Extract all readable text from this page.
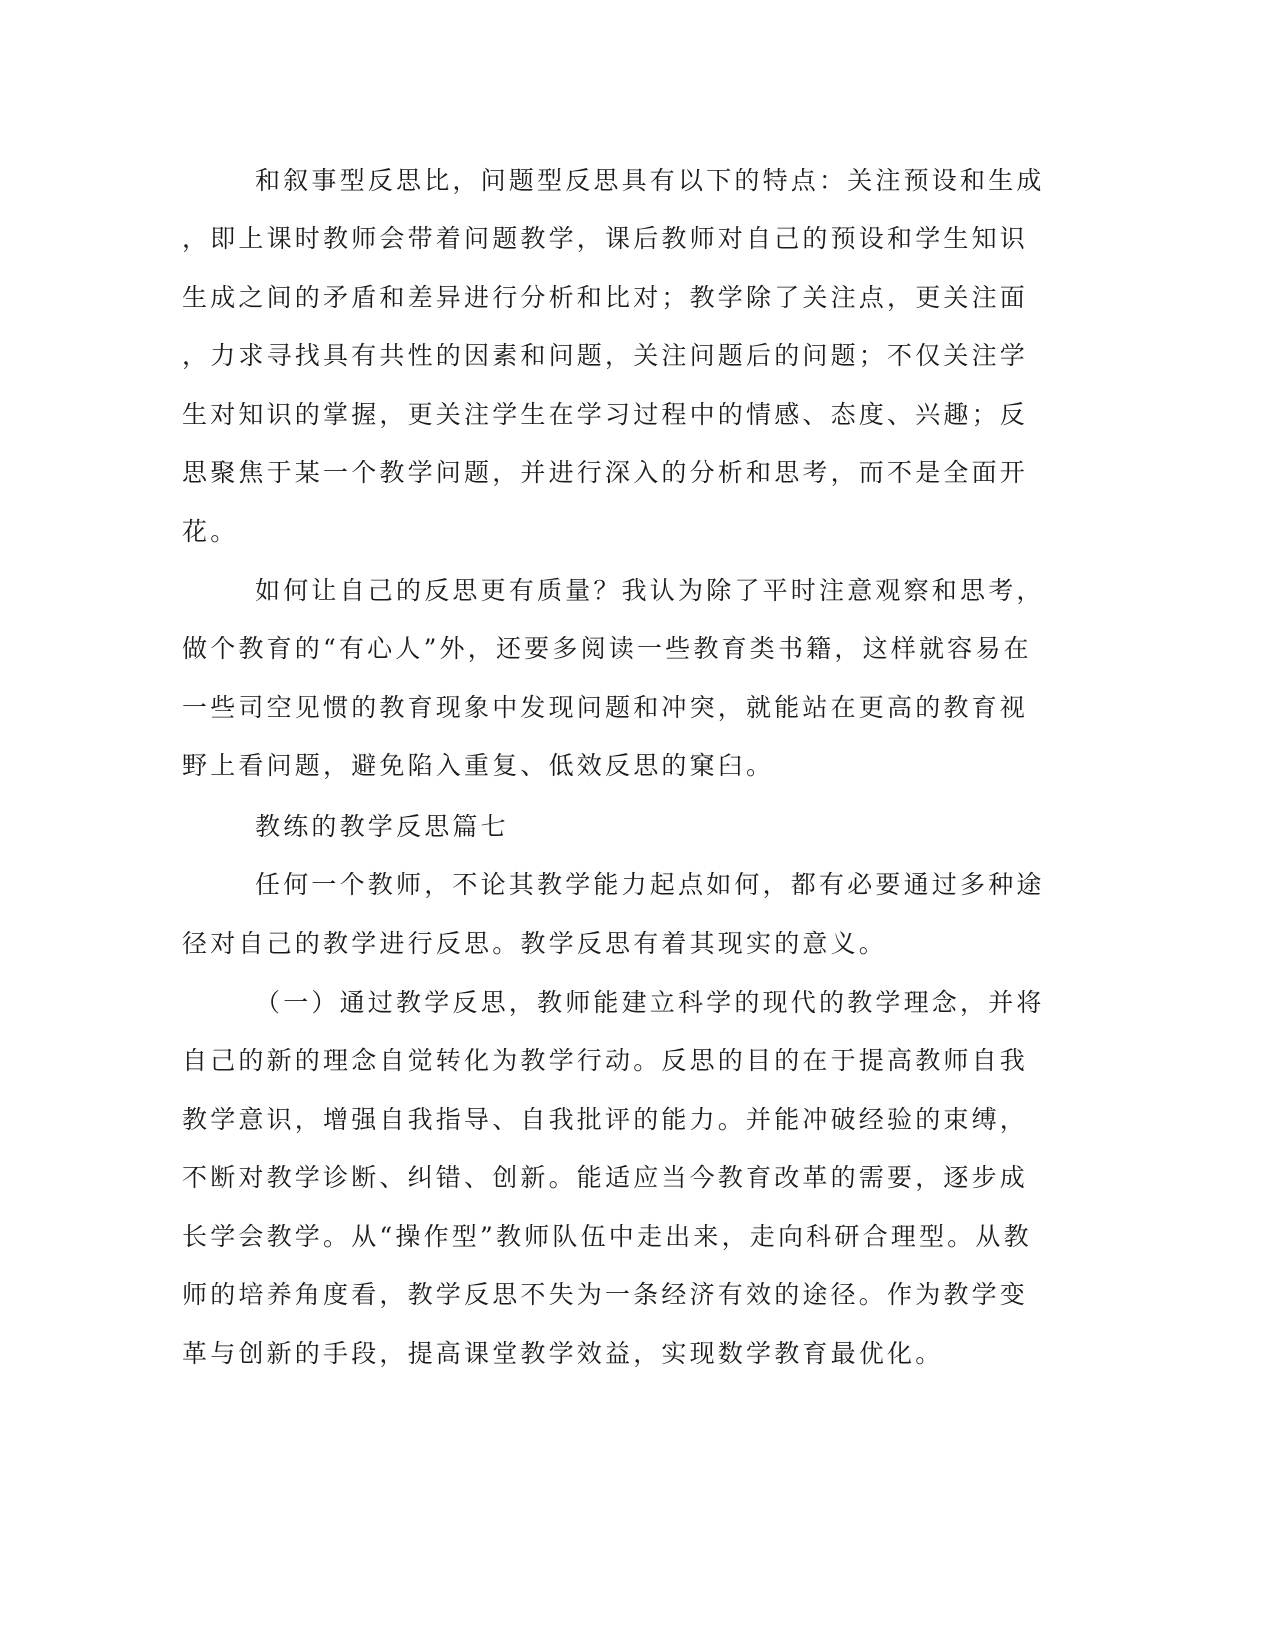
和叙事型反思比，问题型反思具有以下的特点：关注预设和生成
，即上课时教师会带着问题教学，课后教师对自己的预设和学生知识
生成之间的矛盾和差异进行分析和比对；教学除了关注点，更关注面
，力求寻找具有共性的因素和问题，关注问题后的问题；不仅关注学
生对知识的掌握，更关注学生在学习过程中的情感、态度、兴趣；反
思聚焦于某一个教学问题，并进行深入的分析和思考，而不是全面开
花。
如何让自己的反思更有质量？我认为除了平时注意观察和思考，
做个教育的“有心人”外，还要多阅读一些教育类书籍，这样就容易在
一些司空见惯的教育现象中发现问题和冲突，就能站在更高的教育视
野上看问题，避免陷入重复、低效反思的窠臼。
教练的教学反思篇七
任何一个教师，不论其教学能力起点如何，都有必要通过多种途
径对自己的教学进行反思。教学反思有着其现实的意义。
（一）通过教学反思，教师能建立科学的现代的教学理念，并将
自己的新的理念自觉转化为教学行动。反思的目的在于提高教师自我
教学意识，增强自我指导、自我批评的能力。并能冲破经验的束缚，
不断对教学诊断、纠错、创新。能适应当今教育改革的需要，逐步成
长学会教学。从“操作型”教师队伍中走出来，走向科研合理型。从教
师的培养角度看，教学反思不失为一条经济有效的途径。作为教学变
革与创新的手段，提高课堂教学效益，实现数学教育最优化。
